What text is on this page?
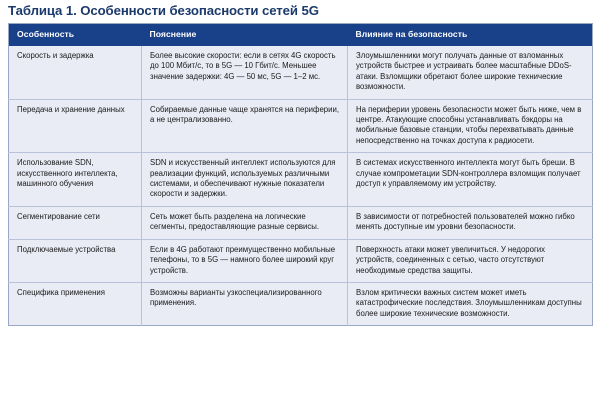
Таблица 1. Особенности безопасности сетей 5G
Особенность	Пояснение	Влияние на безопасность
Скорость и задержка	Более высокие скорости: если в сетях 4G скорость до 100 Мбит/с, то в 5G — 10 Гбит/с. Меньшее значение задержки: 4G — 50 мс, 5G — 1–2 мс.	Злоумышленники могут получать данные от взломанных устройств быстрее и устраивать более масштабные DDoS-атаки. Взломщики обретают более широкие технические возможности.
Передача и хранение данных	Собираемые данные чаще хранятся на периферии, а не централизованно.	На периферии уровень безопасности может быть ниже, чем в центре. Атакующие способны устанавливать бэкдоры на мобильные базовые станции, чтобы перехватывать данные непосредственно на точках доступа к радиосети.
Использование SDN, искусственного интеллекта, машинного обучения	SDN и искусственный интеллект используются для реализации функций, используемых различными системами, и обеспечивают нужные показатели скорости и задержки.	В системах искусственного интеллекта могут быть бреши. В случае компрометации SDN-контроллера взломщик получает доступ к управляемому им устройству.
Сегментирование сети	Сеть может быть разделена на логические сегменты, предоставляющие разные сервисы.	В зависимости от потребностей пользователей можно гибко менять доступные им уровни безопасности.
Подключаемые устройства	Если в 4G работают преимущественно мобильные телефоны, то в 5G — намного более широкий круг устройств.	Поверхность атаки может увеличиться. У недорогих устройств, соединенных с сетью, часто отсутствуют необходимые средства защиты.
Специфика применения	Возможны варианты узкоспециализированного применения.	Взлом критически важных систем может иметь катастрофические последствия. Злоумышленникам доступны более широкие технические возможности.
